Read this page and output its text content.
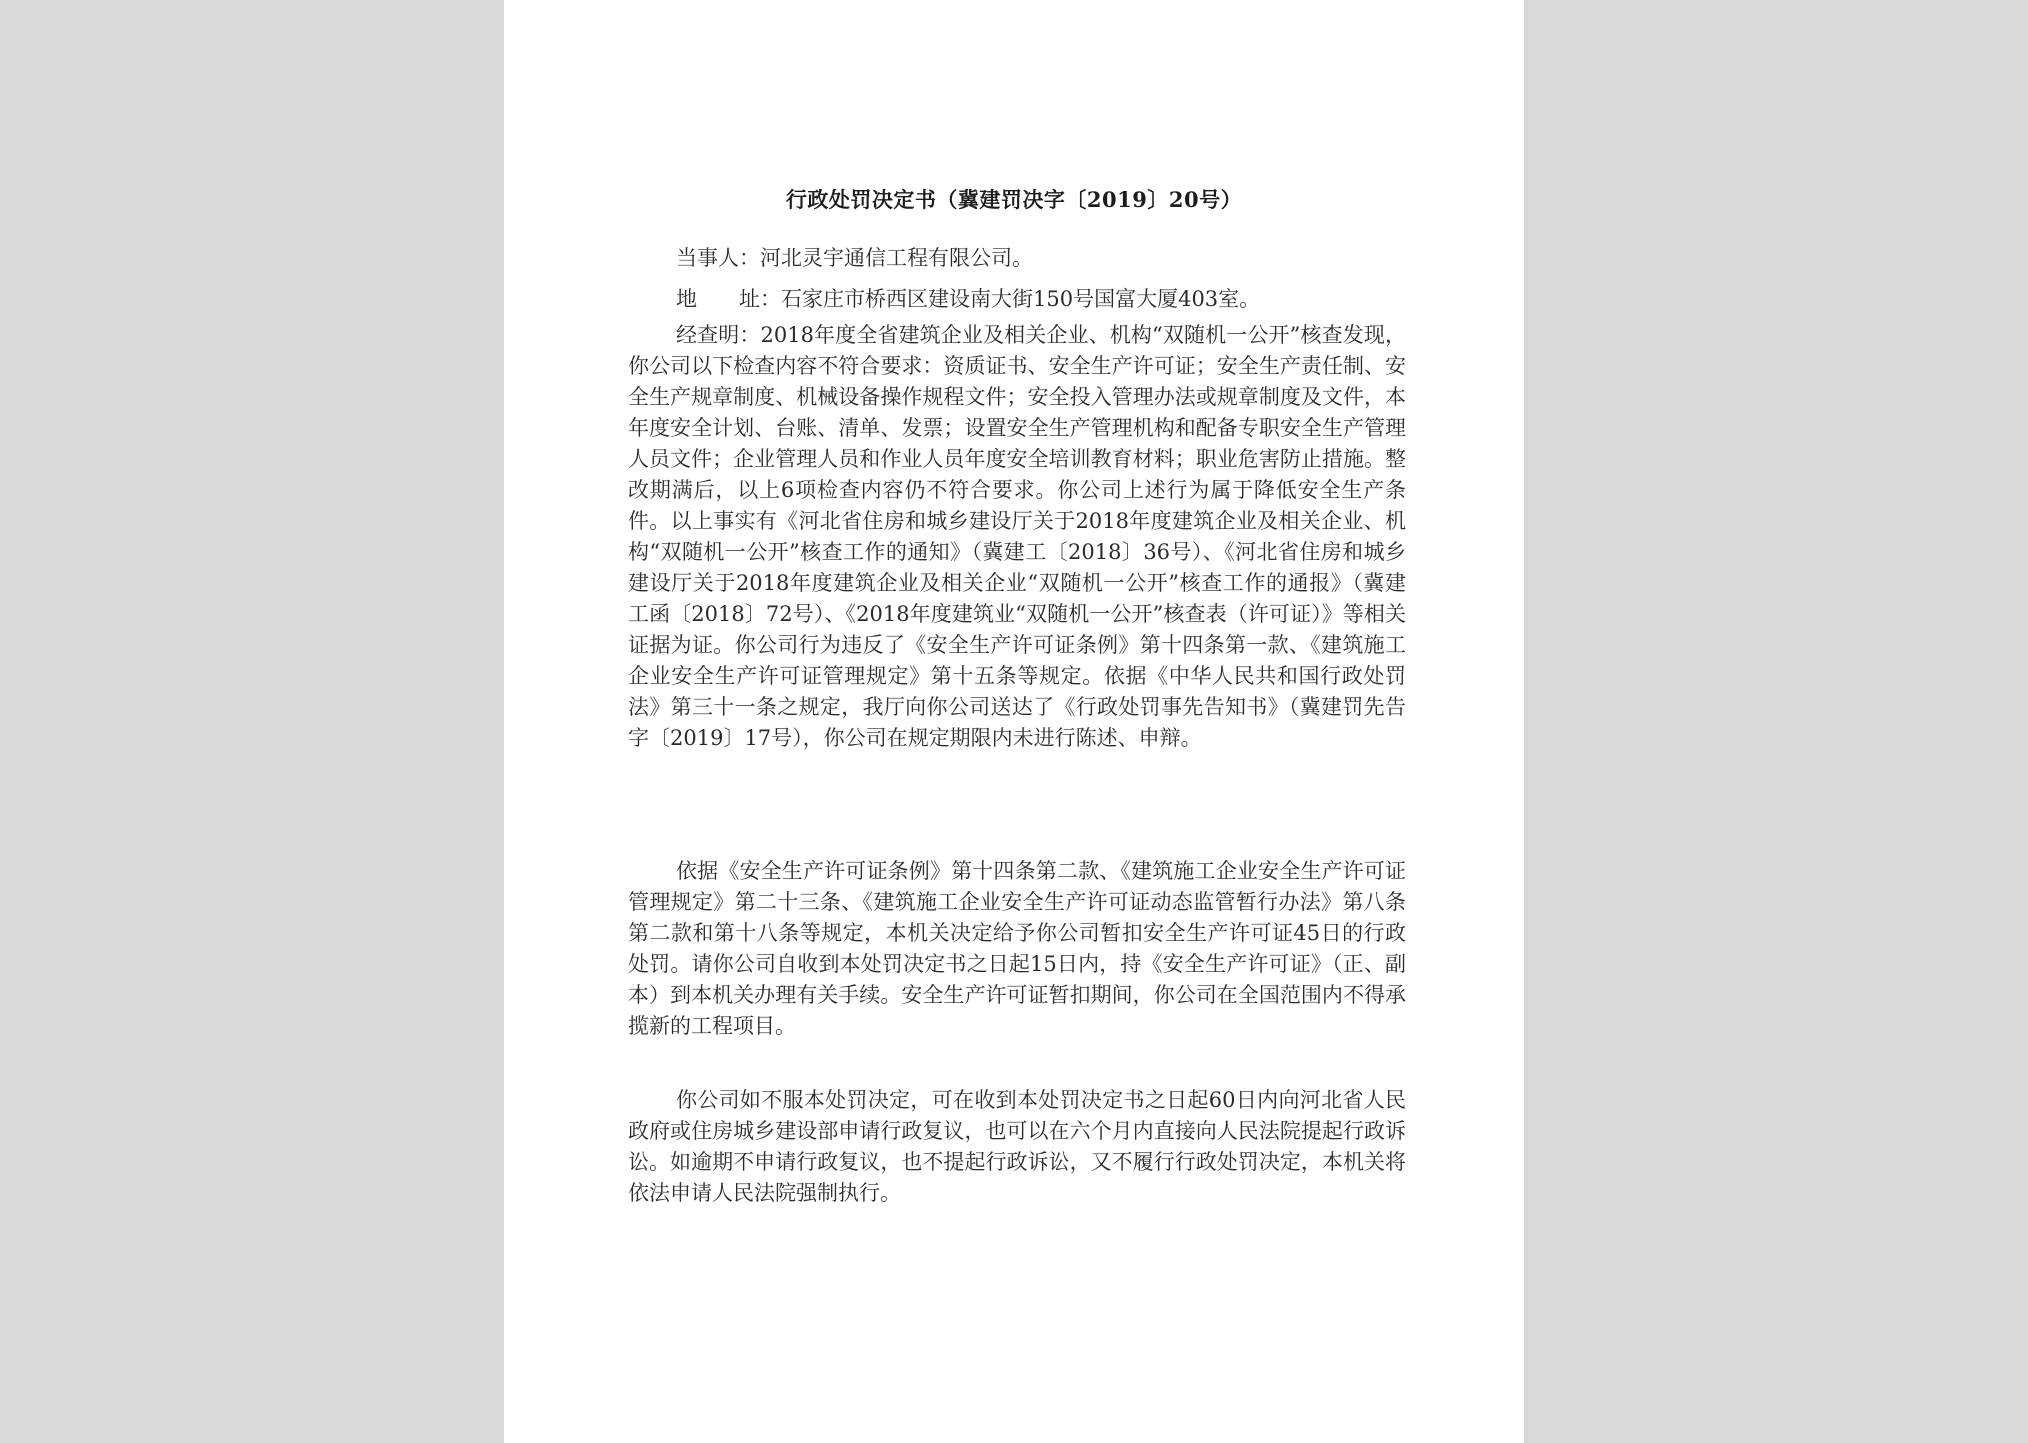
行政处罚决定书（冀建罚决字〔2019〕20号）
当事人：河北灵宇通信工程有限公司。
地　　址：石家庄市桥西区建设南大街150号国富大厦403室。

经查明：2018年度全省建筑企业及相关企业、机构“双随机一公开”核查发现，你公司以下检查内容不符合要求：资质证书、安全生产许可证；安全生产责任制、安全生产规章制度、机械设备操作规程文件；安全投入管理办法或规章制度及文件，本年度安全计划、台账、清单、发票；设置安全生产管理机构和配备专职安全生产管理人员文件；企业管理人员和作业人员年度安全培训教育材料；职业危害防止措施。整改期满后，以上6项检查内容仍不符合要求。你公司上述行为属于降低安全生产条件。以上事实有《河北省住房和城乡建设厅关于2018年度建筑企业及相关企业、机构“双随机一公开”核查工作的通知》（冀建工〔2018〕36号）、《河北省住房和城乡建设厅关于2018年度建筑企业及相关企业“双随机一公开”核查工作的通报》（冀建工函〔2018〕72号）、《2018年度建筑业“双随机一公开”核查表（许可证）》等相关证据为证。你公司行为违反了《安全生产许可证条例》第十四条第一款、《建筑施工企业安全生产许可证管理规定》第十五条等规定。依据《中华人民共和国行政处罚法》第三十一条之规定，我厅向你公司送达了《行政处罚事先告知书》（冀建罚先告字〔2019〕17号），你公司在规定期限内未进行陈述、申辩。

依据《安全生产许可证条例》第十四条第二款、《建筑施工企业安全生产许可证管理规定》第二十三条、《建筑施工企业安全生产许可证动态监管暂行办法》第八条第二款和第十八条等规定，本机关决定给予你公司暂扣安全生产许可证45日的行政处罚。请你公司自收到本处罚决定书之日起15日内，持《安全生产许可证》（正、副本）到本机关办理有关手续。安全生产许可证暂扣期间，你公司在全国范围内不得承揽新的工程项目。

你公司如不服本处罚决定，可在收到本处罚决定书之日起60日内向河北省人民政府或住房城乡建设部申请行政复议，也可以在六个月内直接向人民法院提起行政诉讼。如逾期不申请行政复议，也不提起行政诉讼，又不履行行政处罚决定，本机关将依法申请人民法院强制执行。
